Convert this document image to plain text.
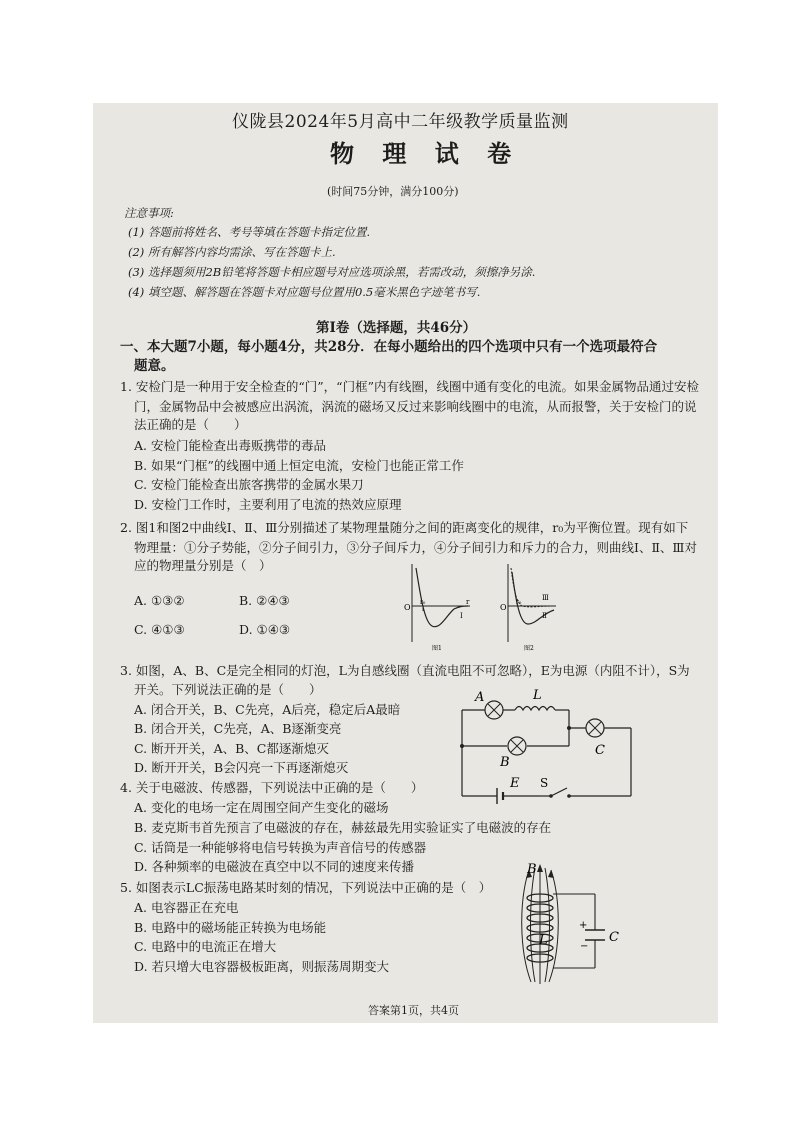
仪陇县2024年5月高中二年级教学质量监测
物 理 试 卷
(时间75分钟，满分100分)
注意事项:
(1) 答题前将姓名、考号等填在答题卡指定位置.
(2) 所有解答内容均需涂、写在答题卡上.
(3) 选择题须用2B铅笔将答题卡相应题号对应选项涂黑，若需改动，须擦净另涂.
(4) 填空题、解答题在答题卡对应题号位置用0.5毫米黑色字迹笔书写.
第Ⅰ卷（选择题，共46分）
一、本大题7小题，每小题4分，共28分．在每小题给出的四个选项中只有一个选项最符合
题意。
1. 安检门是一种用于安全检查的“门”，“门框”内有线圈，线圈中通有变化的电流。如果金属物品通过安检
门，金属物品中会被感应出涡流，涡流的磁场又反过来影响线圈中的电流，从而报警，关于安检门的说
法正确的是（　　）
A. 安检门能检查出毒贩携带的毒品
B. 如果“门框”的线圈中通上恒定电流，安检门也能正常工作
C. 安检门能检查出旅客携带的金属水果刀
D. 安检门工作时，主要利用了电流的热效应原理
2. 图1和图2中曲线Ⅰ、Ⅱ、Ⅲ分别描述了某物理量随分之间的距离变化的规律，r₀为平衡位置。现有如下
物理量：①分子势能，②分子间引力，③分子间斥力，④分子间引力和斥力的合力，则曲线Ⅰ、Ⅱ、Ⅲ对
应的物理量分别是（　）
A. ①③②	B. ②④③
C. ④①③	D. ①④③
O
r₀
Ⅰ
r
图1
O
r₀
Ⅲ
Ⅱ
图2
3. 如图，A、B、C是完全相同的灯泡，L为自感线圈（直流电阻不可忽略），E为电源（内阻不计），S为
开关。下列说法正确的是（　　）
A. 闭合开关，B、C先亮，A后亮，稳定后A最暗
B. 闭合开关，C先亮，A、B逐渐变亮
C. 断开开关，A、B、C都逐渐熄灭
D. 断开开关，B会闪亮一下再逐渐熄灭
A	L
B
C
E S
4. 关于电磁波、传感器，下列说法中正确的是（　　）
A. 变化的电场一定在周围空间产生变化的磁场
B. 麦克斯韦首先预言了电磁波的存在，赫兹最先用实验证实了电磁波的存在
C. 话筒是一种能够将电信号转换为声音信号的传感器
D. 各种频率的电磁波在真空中以不同的速度来传播
5. 如图表示LC振荡电路某时刻的情况，下列说法中正确的是（　）
A. 电容器正在充电
B. 电路中的磁场能正转换为电场能
C. 电路中的电流正在增大
D. 若只增大电容器极板距离，则振荡周期变大
+
−
B
L	C
答案第1页，共4页
